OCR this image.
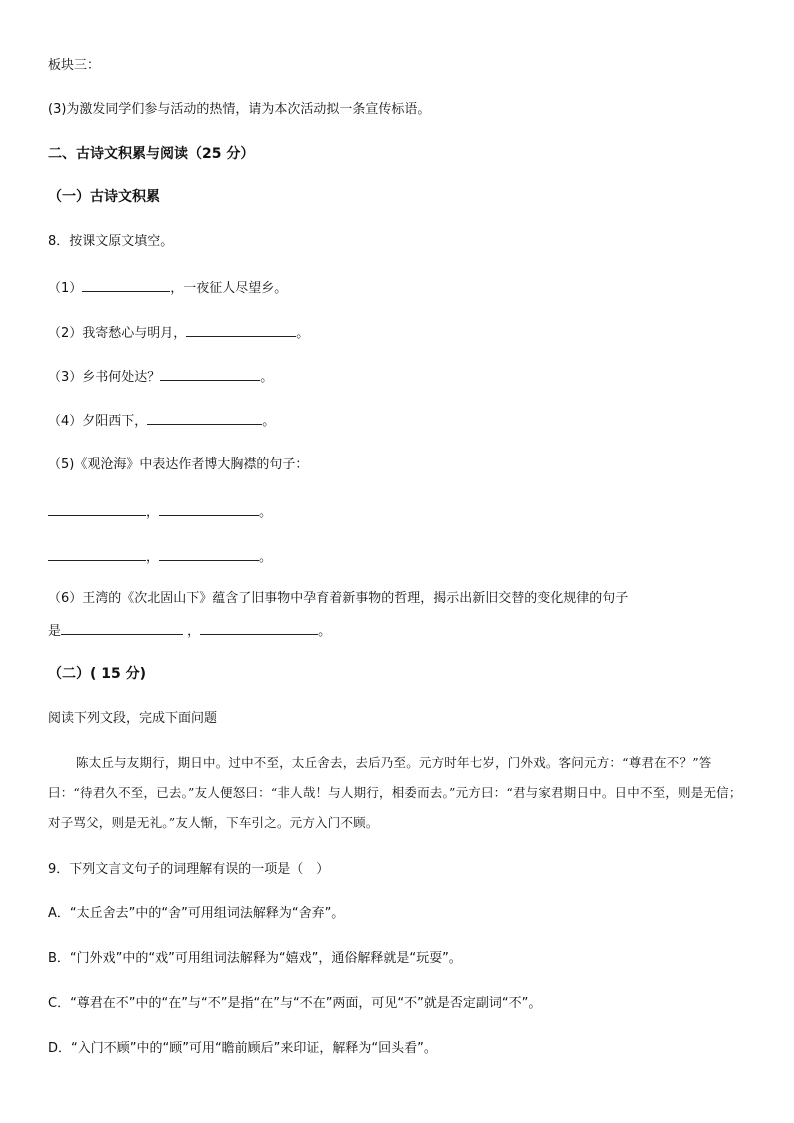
板块三：
(3)为激发同学们参与活动的热情，请为本次活动拟一条宣传标语。
二、古诗文积累与阅读（25 分）
（一）古诗文积累
8．按课文原文填空。
（1）	，一夜征人尽望乡。
（2）我寄愁心与明月，	。
（3）乡书何处达？	。
（4）夕阳西下，	。
（5)《观沧海》中表达作者博大胸襟的句子：
，	。
，	。
（6）王湾的《次北固山下》蕴含了旧事物中孕育着新事物的哲理，揭示出新旧交替的变化规律的句子
是	，	。
（二）( 15 分)
阅读下列文段，完成下面问题
陈太丘与友期行，期日中。过中不至，太丘舍去，去后乃至。元方时年七岁，门外戏。客问元方：“尊君在不？”答曰：“待君久不至，已去。”友人便怒曰：“非人哉！与人期行，相委而去。”元方曰：“君与家君期日中。日中不至，则是无信；对子骂父，则是无礼。”友人惭，下车引之。元方入门不顾。
9．下列文言文句子的词理解有误的一项是（　）
A．“太丘舍去”中的“舍”可用组词法解释为“舍弃”。
B．“门外戏”中的“戏”可用组词法解释为“嬉戏”，通俗解释就是“玩耍”。
C．“尊君在不”中的“在”与“不”是指“在”与“不在”两面，可见“不”就是否定副词“不”。
D．“入门不顾”中的“顾”可用“瞻前顾后”来印证，解释为“回头看”。
